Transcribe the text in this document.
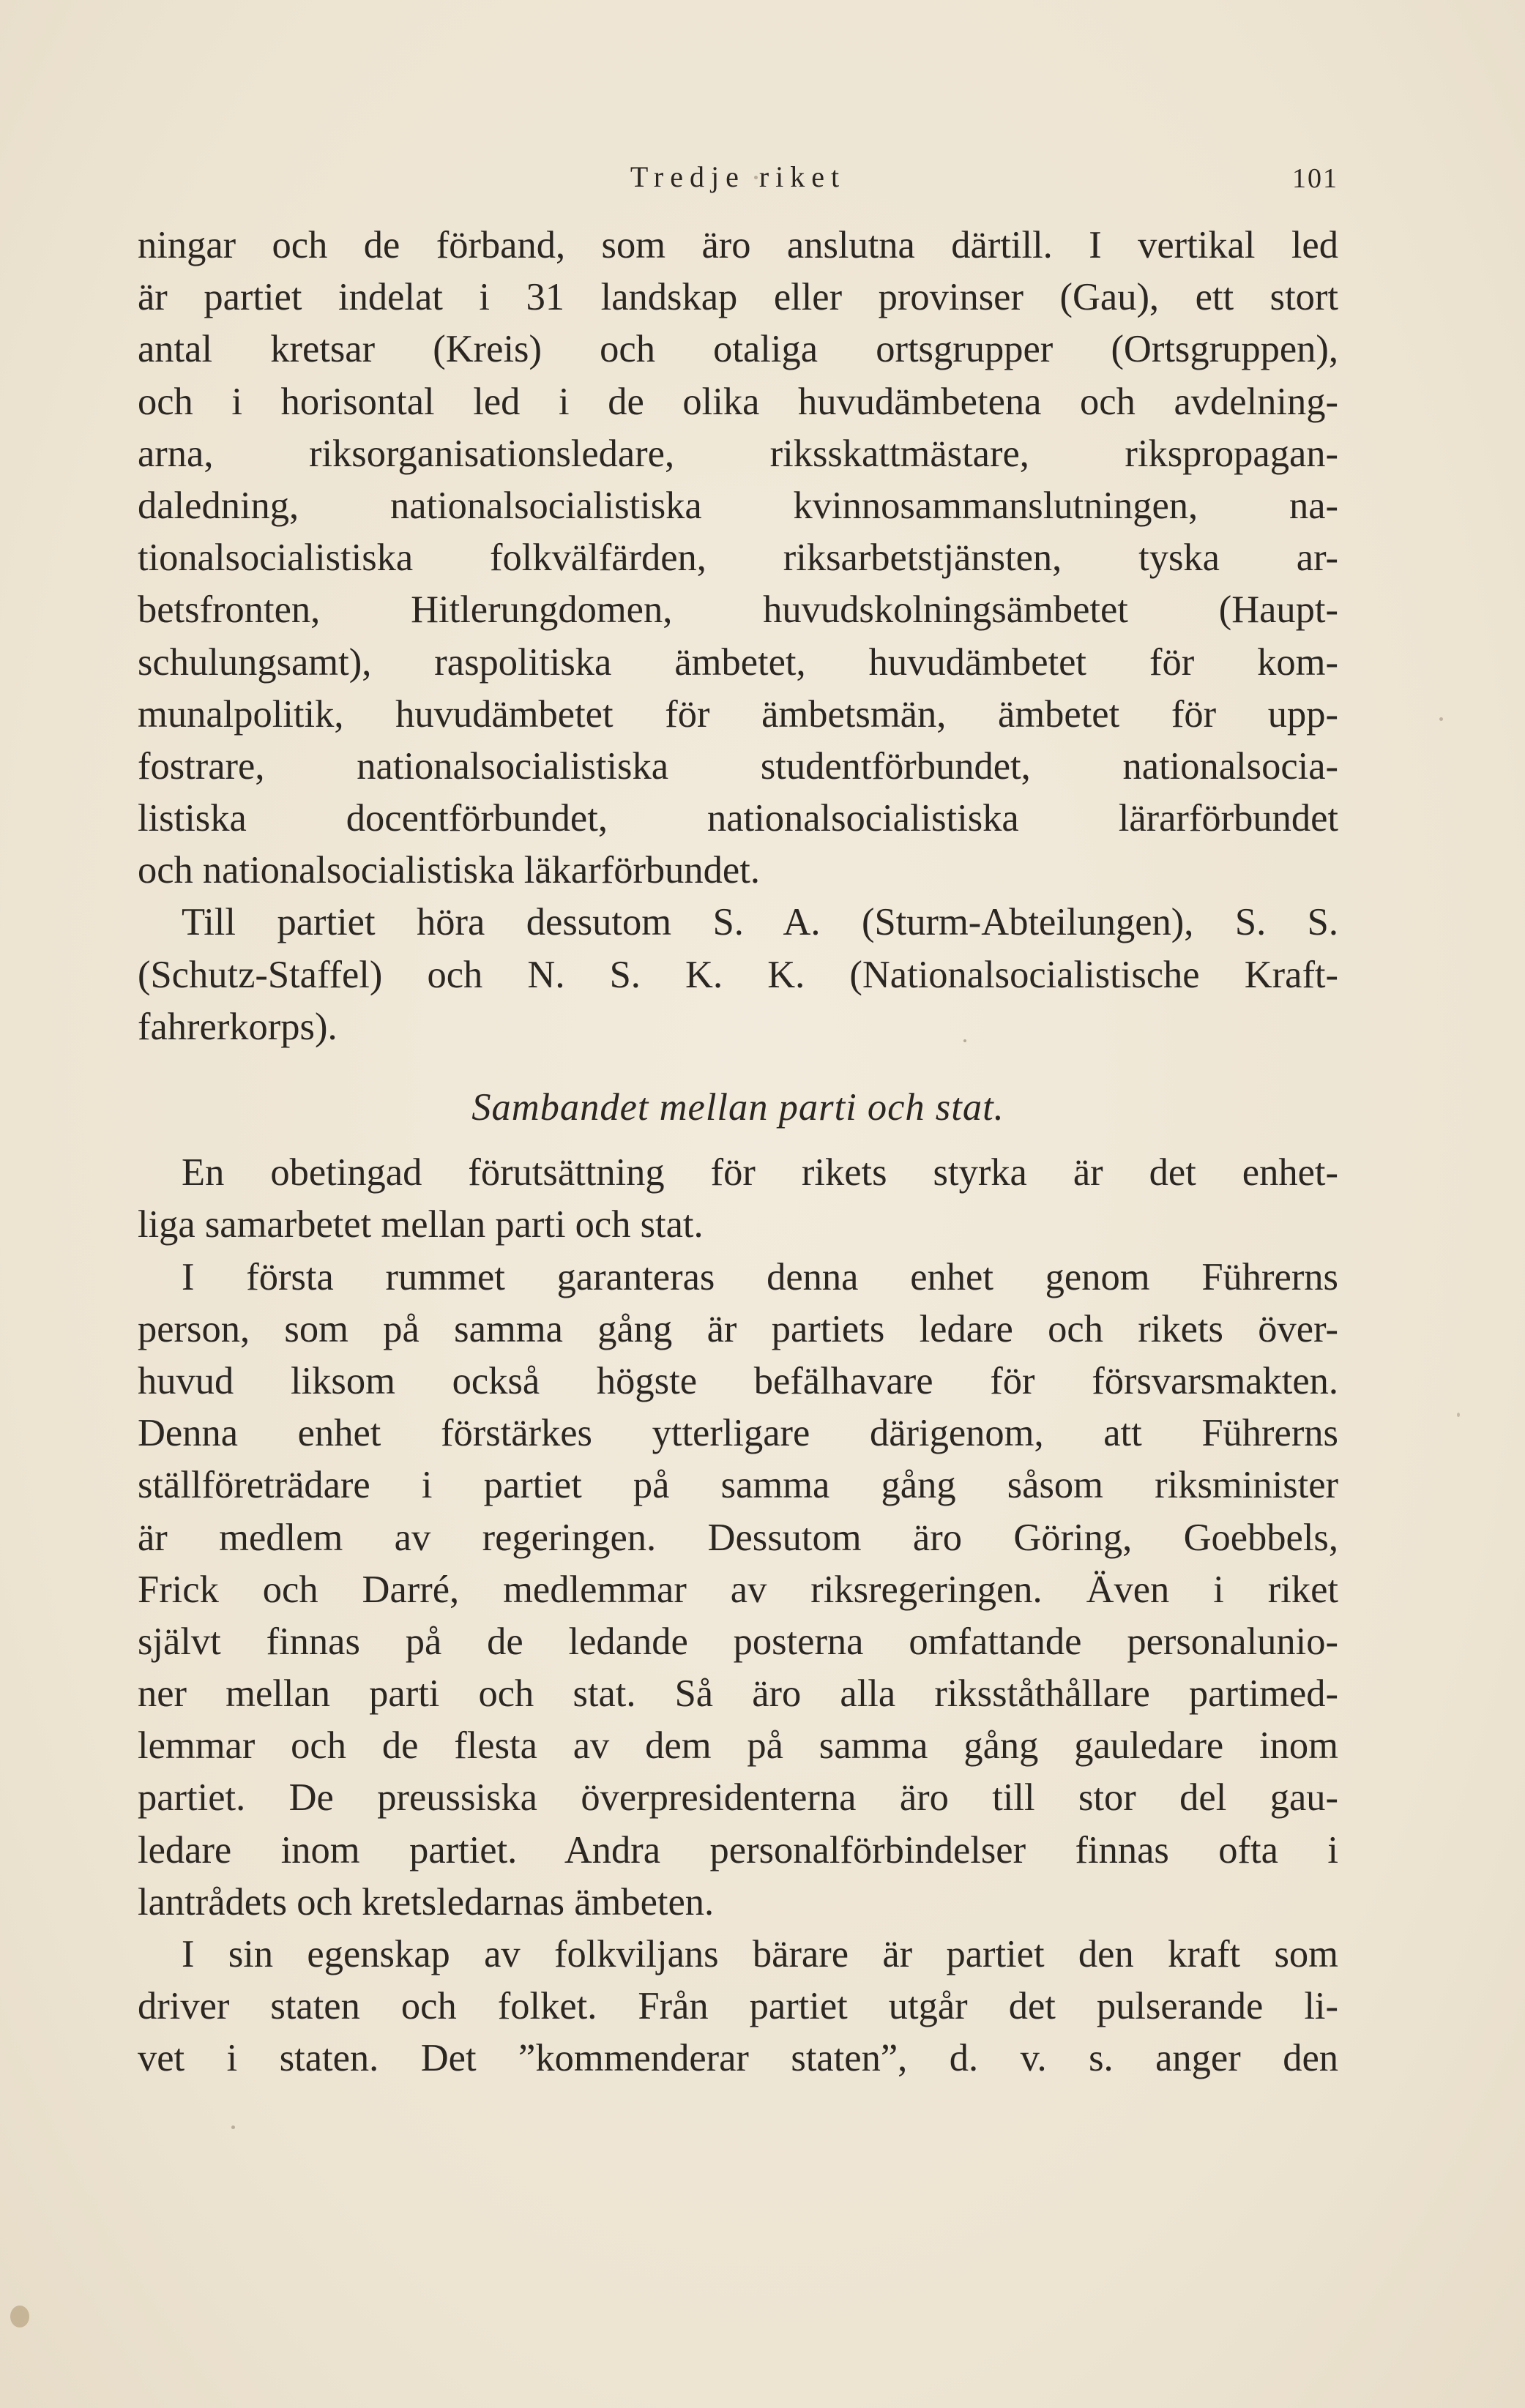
Tredje riket	101
ningar och de förband, som äro anslutna därtill. I vertikal led
är partiet indelat i 31 landskap eller provinser (Gau), ett stort
antal kretsar (Kreis) och otaliga ortsgrupper (Ortsgruppen),
och i horisontal led i de olika huvudämbetena och avdelning-
arna, riksorganisationsledare, riksskattmästare, rikspropagan-
daledning, nationalsocialistiska kvinnosammanslutningen, na-
tionalsocialistiska folkvälfärden, riksarbetstjänsten, tyska ar-
betsfronten, Hitlerungdomen, huvudskolningsämbetet (Haupt-
schulungsamt), raspolitiska ämbetet, huvudämbetet för kom-
munalpolitik, huvudämbetet för ämbetsmän, ämbetet för upp-
fostrare, nationalsocialistiska studentförbundet, nationalsocia-
listiska docentförbundet, nationalsocialistiska lärarförbundet
och nationalsocialistiska läkarförbundet.
Till partiet höra dessutom S. A. (Sturm-Abteilungen), S. S.
(Schutz-Staffel) och N. S. K. K. (Nationalsocialistische Kraft-
fahrerkorps).
Sambandet mellan parti och stat.
En obetingad förutsättning för rikets styrka är det enhet-
liga samarbetet mellan parti och stat.
I första rummet garanteras denna enhet genom Führerns
person, som på samma gång är partiets ledare och rikets över-
huvud liksom också högste befälhavare för försvarsmakten.
Denna enhet förstärkes ytterligare därigenom, att Führerns
ställföreträdare i partiet på samma gång såsom riksminister
är medlem av regeringen. Dessutom äro Göring, Goebbels,
Frick och Darré, medlemmar av riksregeringen. Även i riket
självt finnas på de ledande posterna omfattande personalunio-
ner mellan parti och stat. Så äro alla riksståthållare partimed-
lemmar och de flesta av dem på samma gång gauledare inom
partiet. De preussiska överpresidenterna äro till stor del gau-
ledare inom partiet. Andra personalförbindelser finnas ofta i
lantrådets och kretsledarnas ämbeten.
I sin egenskap av folkviljans bärare är partiet den kraft som
driver staten och folket. Från partiet utgår det pulserande li-
vet i staten. Det ”kommenderar staten”, d. v. s. anger den
